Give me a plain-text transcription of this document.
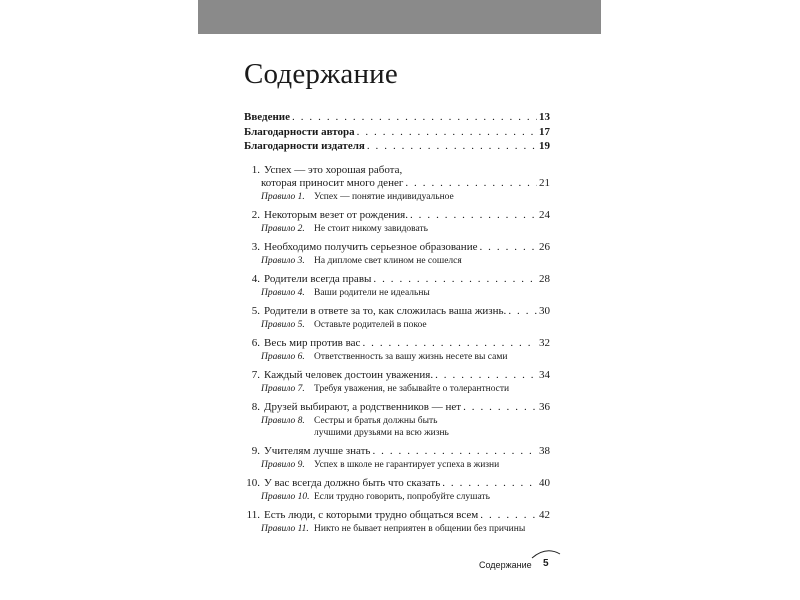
Содержание
Введение . . .	13
Благодарности автора . . .	17
Благодарности издателя . . .	19
1. Успех — это хорошая работа,
которая приносит много денег . . .	21
Правило 1. Успех — понятие индивидуальное
2. Некоторым везет от рождения. . . .	24
Правило 2. Не стоит никому завидовать
3. Необходимо получить серьезное образование . . .	26
Правило 3. На дипломе свет клином не сошелся
4. Родители всегда правы . . .	28
Правило 4. Ваши родители не идеальны
5. Родители в ответе за то, как сложилась ваша жизнь. . . .	30
Правило 5. Оставьте родителей в покое
6. Весь мир против вас . . .	32
Правило 6. Ответственность за вашу жизнь несете вы сами
7. Каждый человек достоин уважения. . . .	34
Правило 7. Требуя уважения, не забывайте о толерантности
8. Друзей выбирают, а родственников — нет . . .	36
Правило 8. Сестры и братья должны быть
лучшими друзьями на всю жизнь
9. Учителям лучше знать . . .	38
Правило 9. Успех в школе не гарантирует успеха в жизни
10. У вас всегда должно быть что сказать . . .	40
Правило 10. Если трудно говорить, попробуйте слушать
11. Есть люди, с которыми трудно общаться всем . . .	42
Правило 11. Никто не бывает неприятен в общении без причины
Содержание 5
